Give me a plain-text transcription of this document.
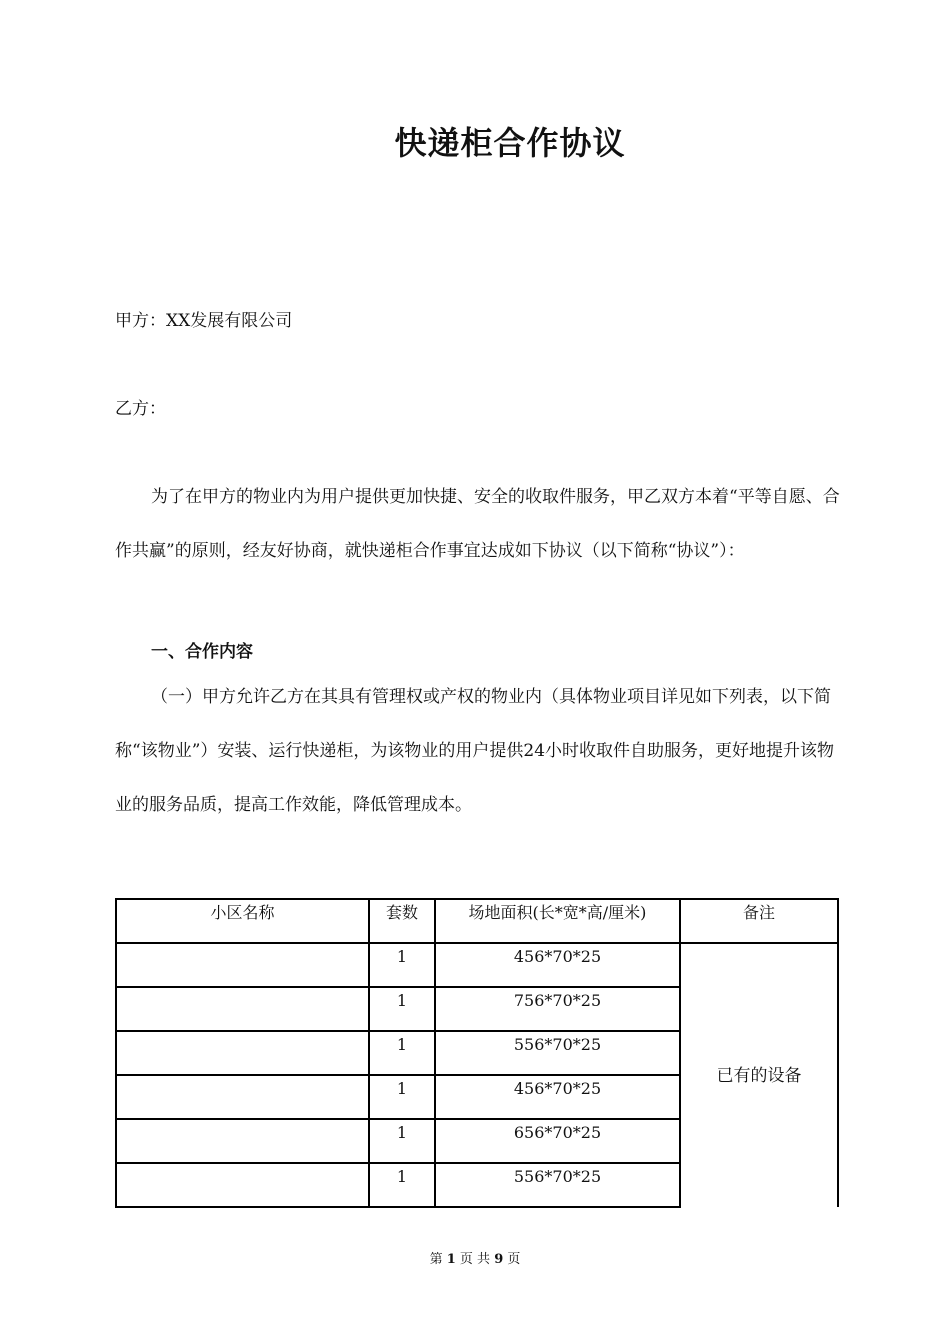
快递柜合作协议
甲方：XX发展有限公司
乙方：

为了在甲方的物业内为用户提供更加快捷、安全的收取件服务，甲乙双方本着“平等自愿、合作共赢”的原则，经友好协商，就快递柜合作事宜达成如下协议（以下简称“协议”）：

一、合作内容

（一）甲方允许乙方在其具有管理权或产权的物业内（具体物业项目详见如下列表，以下简称“该物业”）安装、运行快递柜，为该物业的用户提供24小时收取件自助服务，更好地提升该物业的服务品质，提高工作效能，降低管理成本。

小区名称	套数	场地面积(长*宽*高/厘米)	备注
	1	456*70*25	已有的设备
	1	756*70*25	
	1	556*70*25	
	1	456*70*25	
	1	656*70*25	
	1	556*70*25	
第 1 页 共 9 页
